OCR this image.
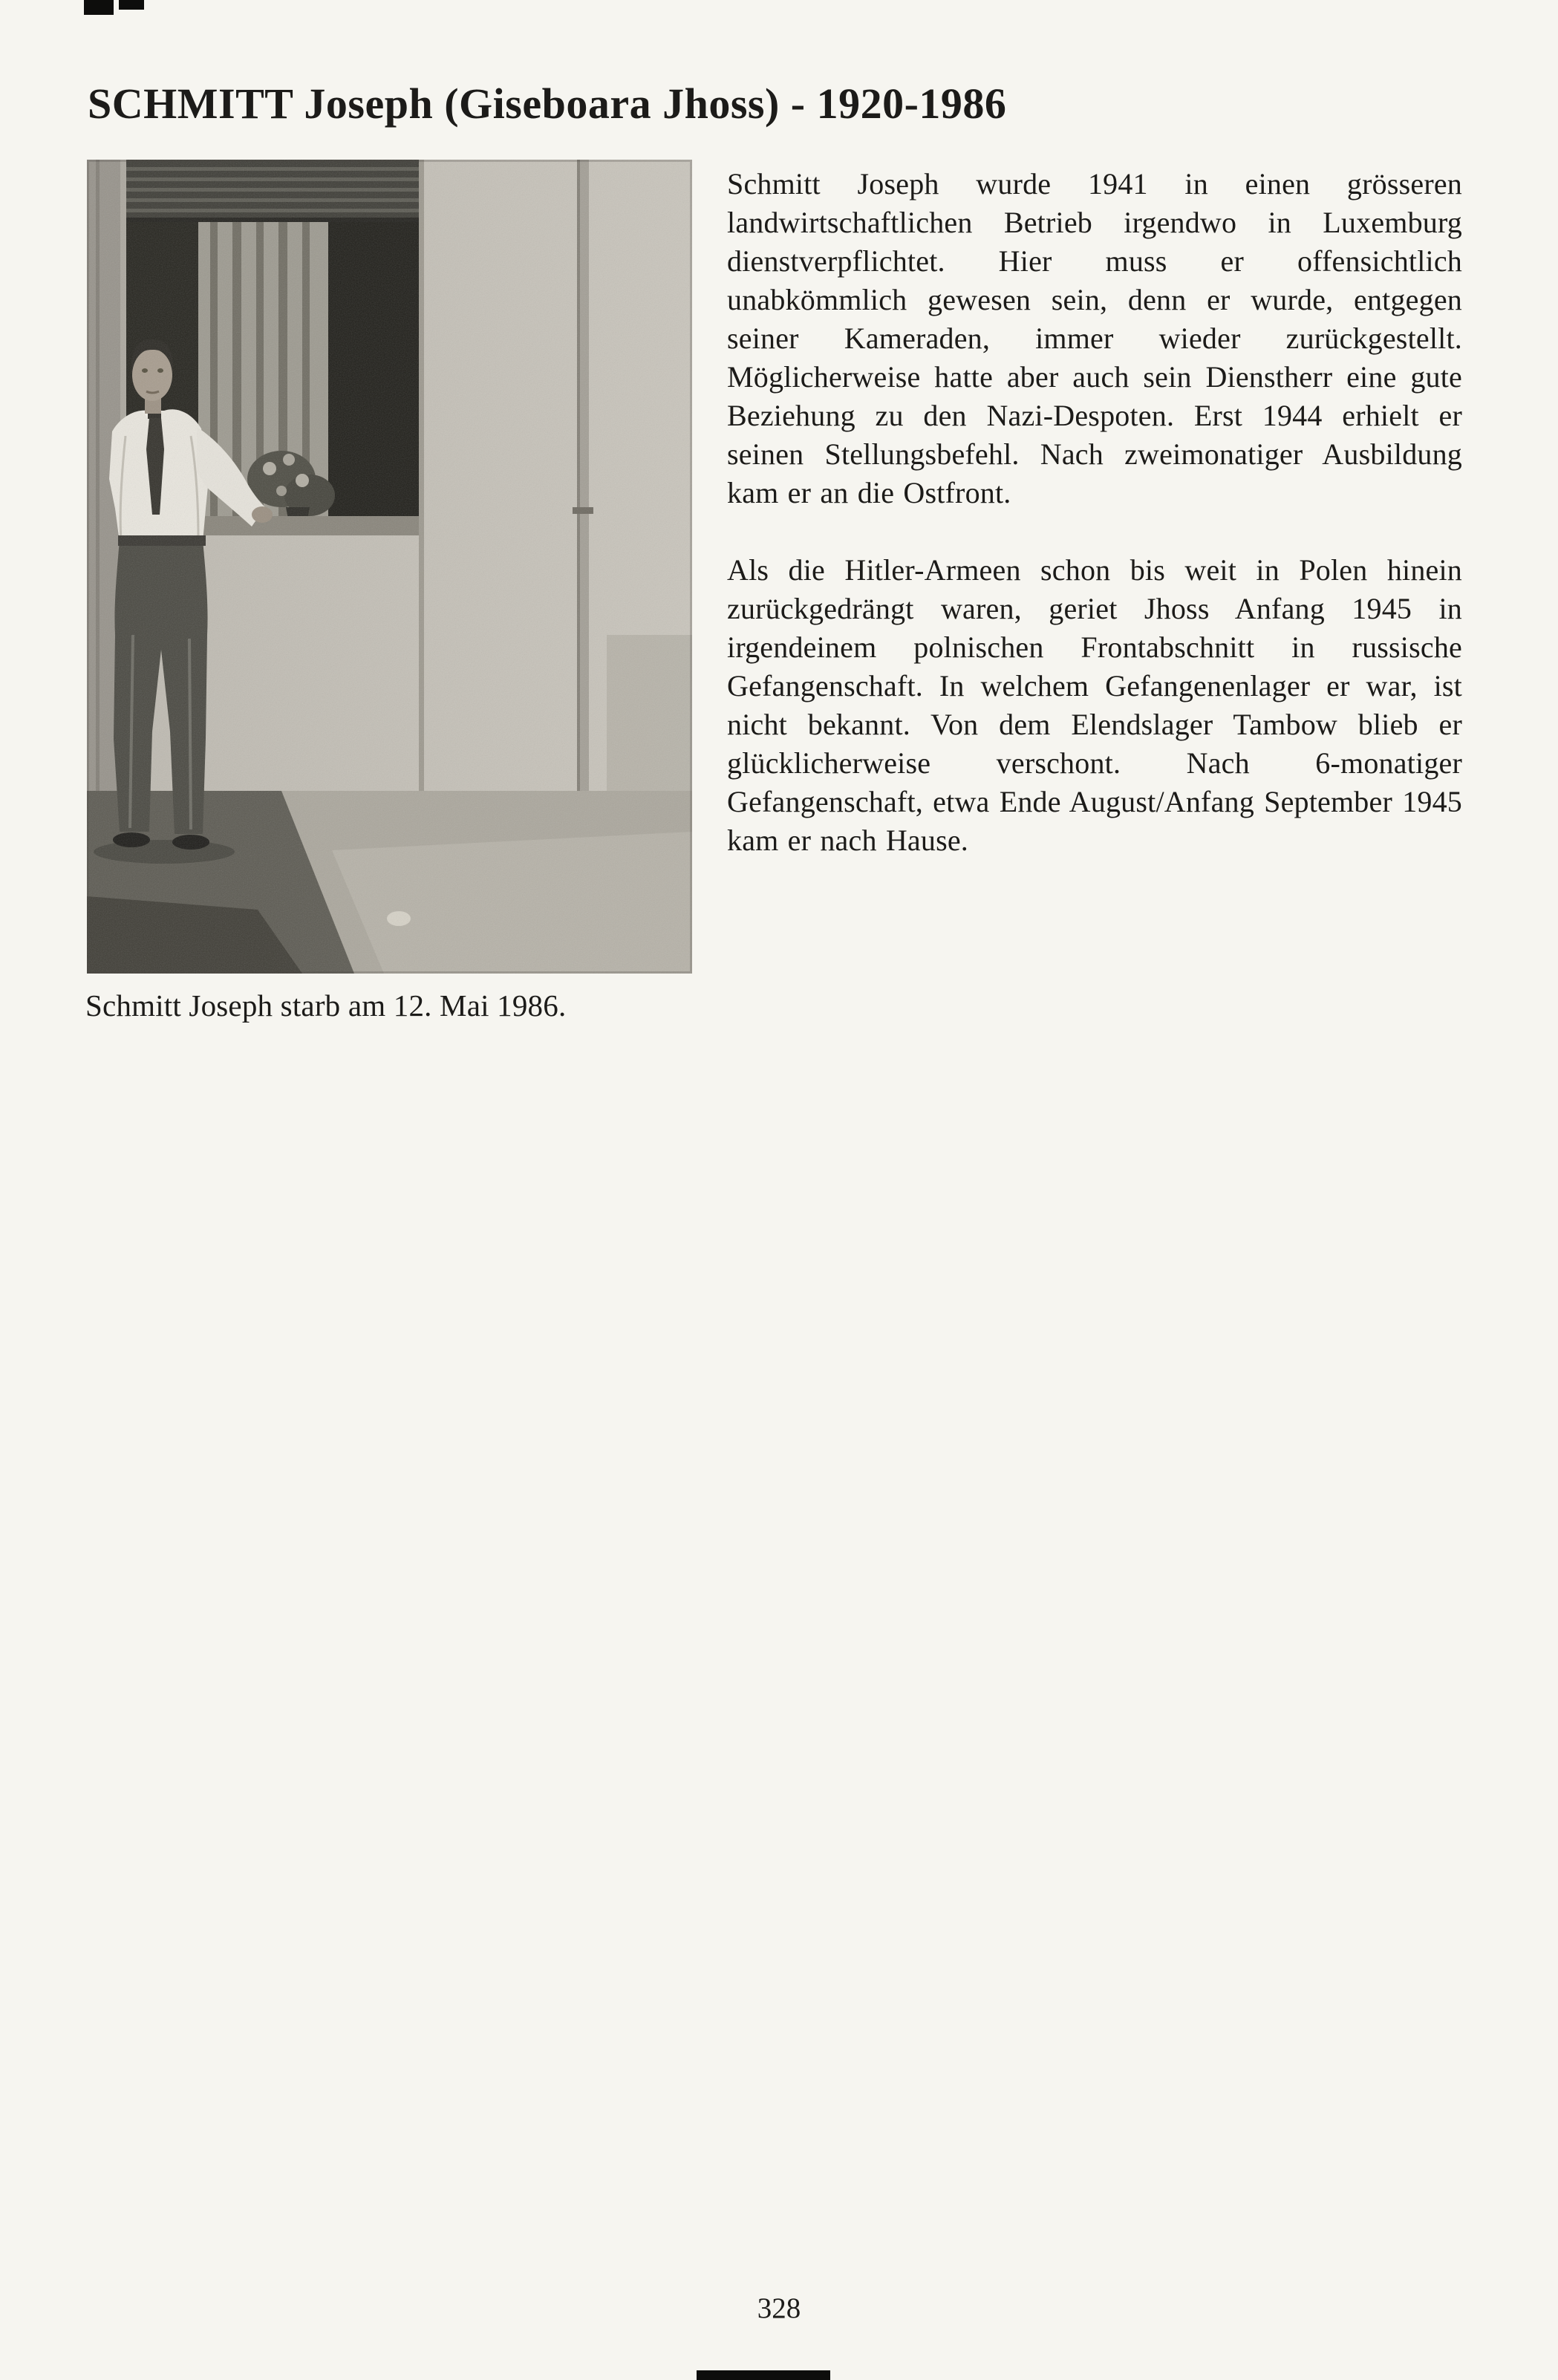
SCHMITT Joseph (Giseboara Jhoss) - 1920-1986
Schmitt Joseph starb am 12. Mai 1986.

Schmitt Joseph wurde 1941 in einen grösseren landwirtschaftlichen Betrieb irgendwo in Luxemburg dienstverpflichtet. Hier muss er offensichtlich unabkömmlich gewesen sein, denn er wurde, entgegen seiner Kameraden, immer wieder zurückgestellt. Möglicherweise hatte aber auch sein Dienstherr eine gute Beziehung zu den Nazi-Despoten. Erst 1944 erhielt er seinen Stellungsbefehl. Nach zweimonatiger Ausbildung kam er an die Ostfront.

Als die Hitler-Armeen schon bis weit in Polen hinein zurückgedrängt waren, geriet Jhoss Anfang 1945 in irgendeinem polnischen Frontabschnitt in russische Gefangenschaft. In welchem Gefangenenlager er war, ist nicht bekannt. Von dem Elendslager Tambow blieb er glücklicherweise verschont. Nach 6-monatiger Gefangenschaft, etwa Ende August/Anfang September 1945 kam er nach Hause.

328
